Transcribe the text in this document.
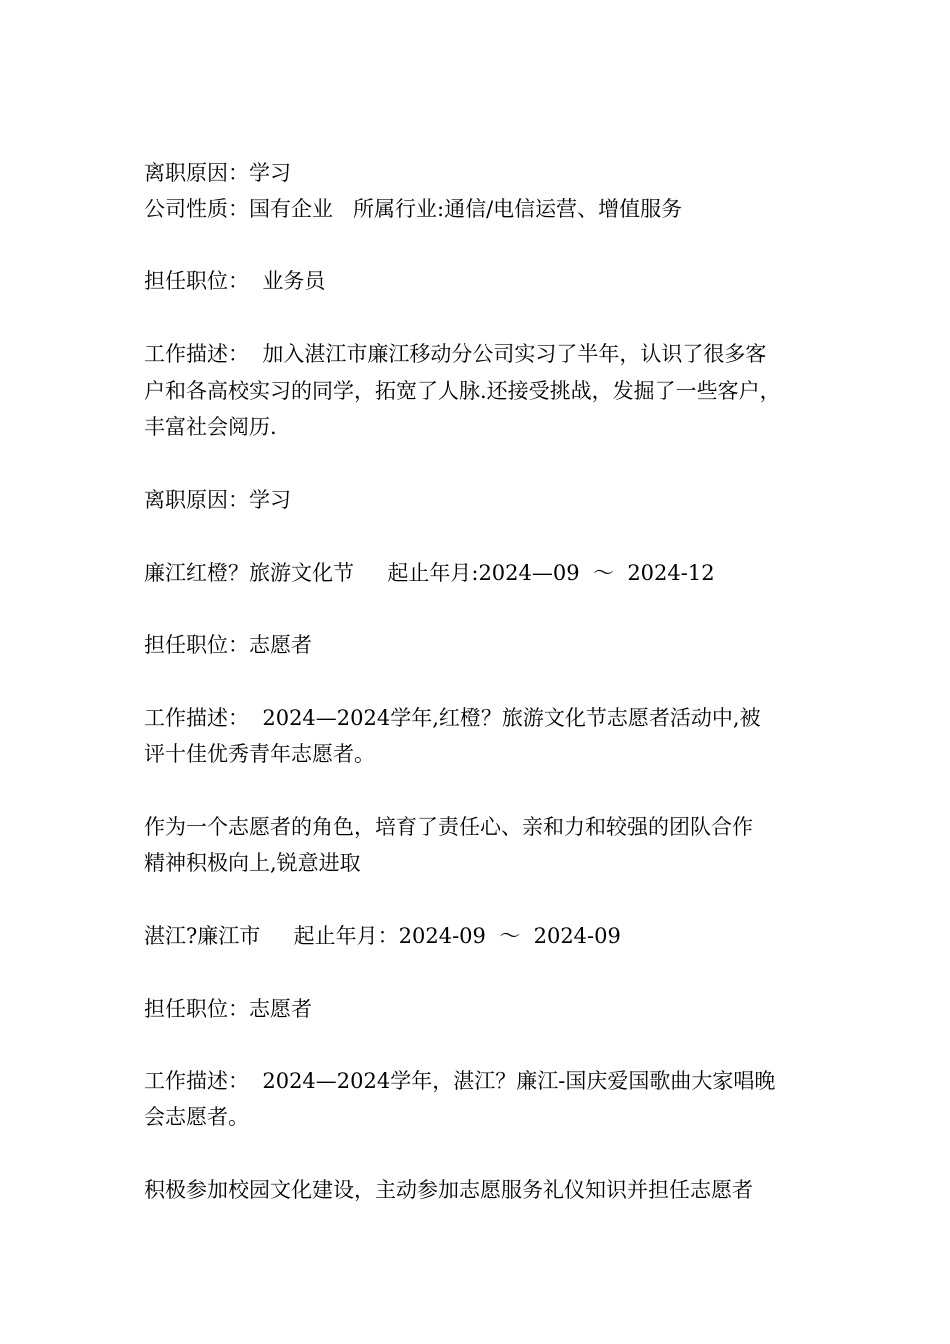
离职原因：学习
公司性质：国有企业   所属行业:通信/电信运营、增值服务
担任职位：  业务员
工作描述：  加入湛江市廉江移动分公司实习了半年，认识了很多客
户和各高校实习的同学，拓宽了人脉.还接受挑战，发掘了一些客户，
丰富社会阅历.
离职原因：学习
廉江红橙？旅游文化节     起止年月:2024—09  ～  2024-12
担任职位：志愿者
工作描述：  2024—2024学年,红橙？旅游文化节志愿者活动中,被
评十佳优秀青年志愿者。
作为一个志愿者的角色，培育了责任心、亲和力和较强的团队合作
精神积极向上,锐意进取
湛江?廉江市     起止年月：2024-09  ～  2024-09
担任职位：志愿者
工作描述：  2024—2024学年，湛江？廉江-国庆爱国歌曲大家唱晚
会志愿者。
积极参加校园文化建设，主动参加志愿服务礼仪知识并担任志愿者
